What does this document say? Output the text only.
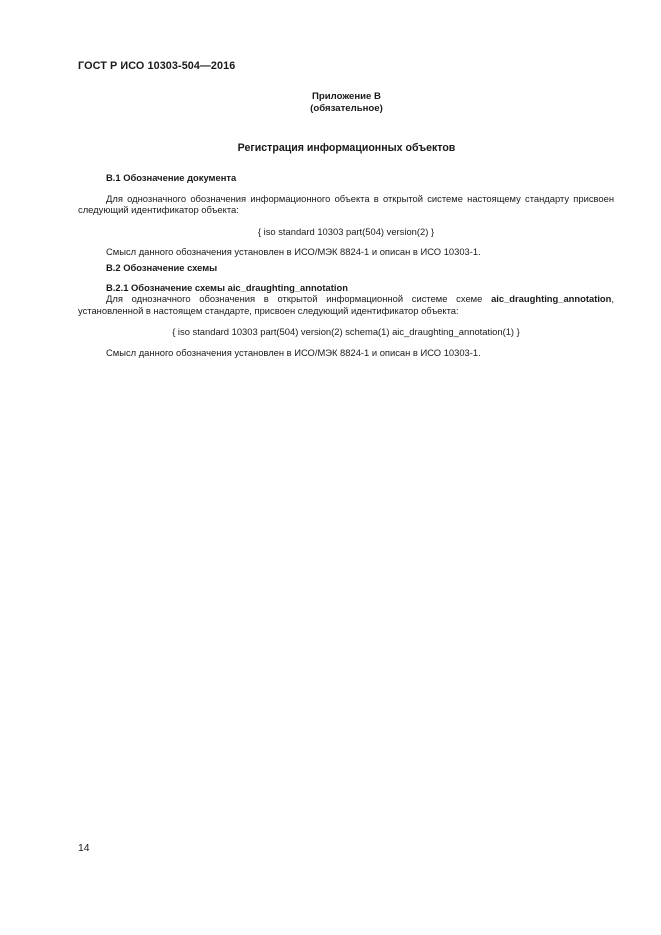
ГОСТ Р ИСО 10303-504—2016
Приложение В
(обязательное)
Регистрация информационных объектов
В.1 Обозначение документа
Для однозначного обозначения информационного объекта в открытой системе настоящему стандарту присвоен следующий идентификатор объекта:
{ iso standard 10303 part(504) version(2) }
Смысл данного обозначения установлен в ИСО/МЭК 8824-1 и описан в ИСО 10303-1.
В.2 Обозначение схемы
В.2.1 Обозначение схемы aic_draughting_annotation
Для однозначного обозначения в открытой информационной системе схеме aic_draughting_annotation, установленной в настоящем стандарте, присвоен следующий идентификатор объекта:
{ iso standard 10303 part(504) version(2) schema(1) aic_draughting_annotation(1) }
Смысл данного обозначения установлен в ИСО/МЭК 8824-1 и описан в ИСО 10303-1.
14
